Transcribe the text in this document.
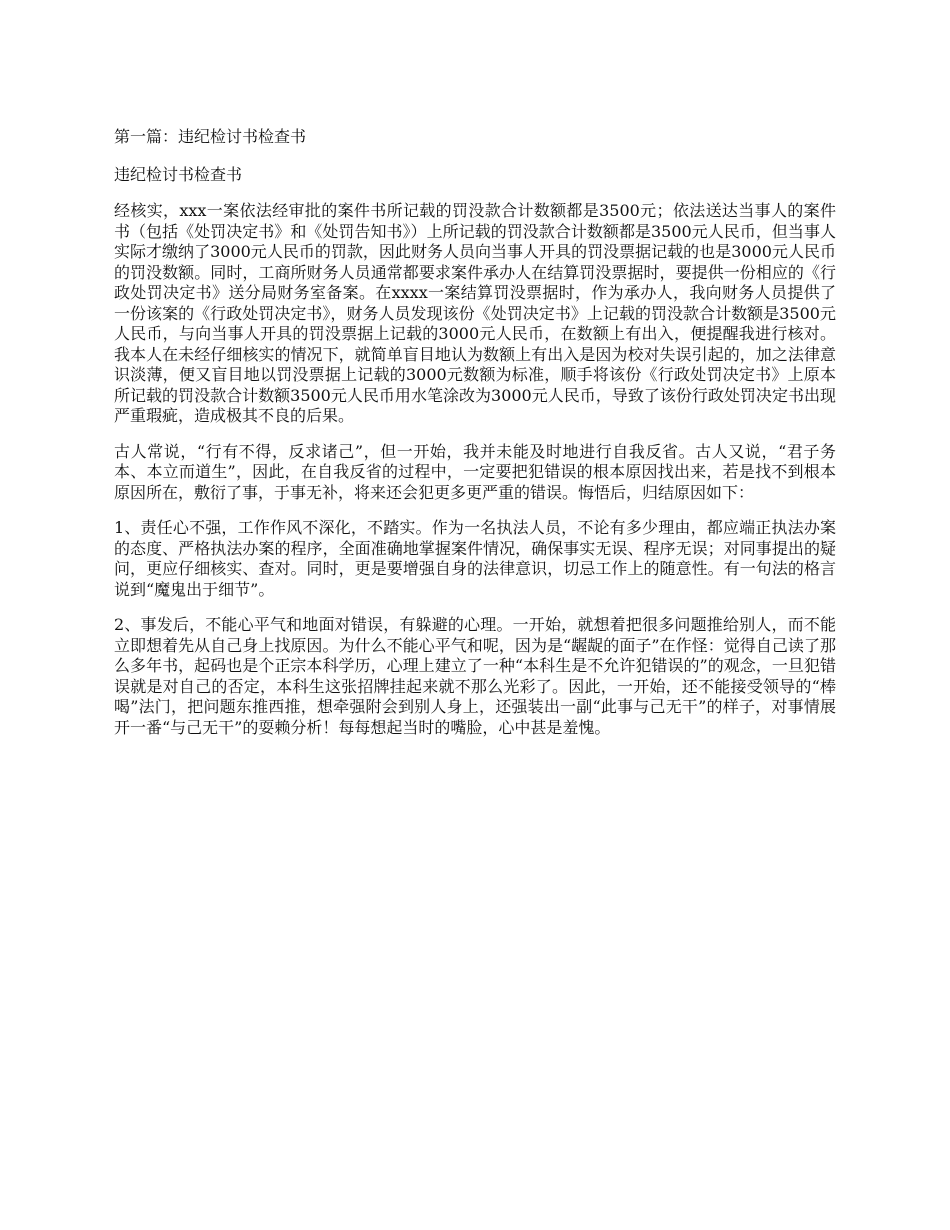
第一篇：违纪检讨书检查书

违纪检讨书检查书

经核实，xxx一案依法经审批的案件书所记载的罚没款合计数额都是3500元；依法送达当事人的案件书（包括《处罚决定书》和《处罚告知书》）上所记载的罚没款合计数额都是3500元人民币，但当事人实际才缴纳了3000元人民币的罚款，因此财务人员向当事人开具的罚没票据记载的也是3000元人民币的罚没数额。同时，工商所财务人员通常都要求案件承办人在结算罚没票据时，要提供一份相应的《行政处罚决定书》送分局财务室备案。在xxxx一案结算罚没票据时，作为承办人，我向财务人员提供了一份该案的《行政处罚决定书》，财务人员发现该份《处罚决定书》上记载的罚没款合计数额是3500元人民币，与向当事人开具的罚没票据上记载的3000元人民币，在数额上有出入，便提醒我进行核对。我本人在未经仔细核实的情况下，就简单盲目地认为数额上有出入是因为校对失误引起的，加之法律意识淡薄，便又盲目地以罚没票据上记载的3000元数额为标准，顺手将该份《行政处罚决定书》上原本所记载的罚没款合计数额3500元人民币用水笔涂改为3000元人民币，导致了该份行政处罚决定书出现严重瑕疵，造成极其不良的后果。

古人常说，“行有不得，反求诸己”，但一开始，我并未能及时地进行自我反省。古人又说，“君子务本、本立而道生”，因此，在自我反省的过程中，一定要把犯错误的根本原因找出来，若是找不到根本原因所在，敷衍了事，于事无补，将来还会犯更多更严重的错误。悔悟后，归结原因如下：

1、责任心不强，工作作风不深化，不踏实。作为一名执法人员，不论有多少理由，都应端正执法办案的态度、严格执法办案的程序，全面准确地掌握案件情况，确保事实无误、程序无误；对同事提出的疑问，更应仔细核实、查对。同时，更是要增强自身的法律意识，切忌工作上的随意性。有一句法的格言说到“魔鬼出于细节”。

2、事发后，不能心平气和地面对错误，有躲避的心理。一开始，就想着把很多问题推给别人，而不能立即想着先从自己身上找原因。为什么不能心平气和呢，因为是“龌龊的面子”在作怪：觉得自己读了那么多年书，起码也是个正宗本科学历，心理上建立了一种“本科生是不允许犯错误的”的观念，一旦犯错误就是对自己的否定，本科生这张招牌挂起来就不那么光彩了。因此，一开始，还不能接受领导的“棒喝”法门，把问题东推西推，想牵强附会到别人身上，还强装出一副“此事与己无干”的样子，对事情展开一番“与己无干”的耍赖分析！每每想起当时的嘴脸，心中甚是羞愧。
